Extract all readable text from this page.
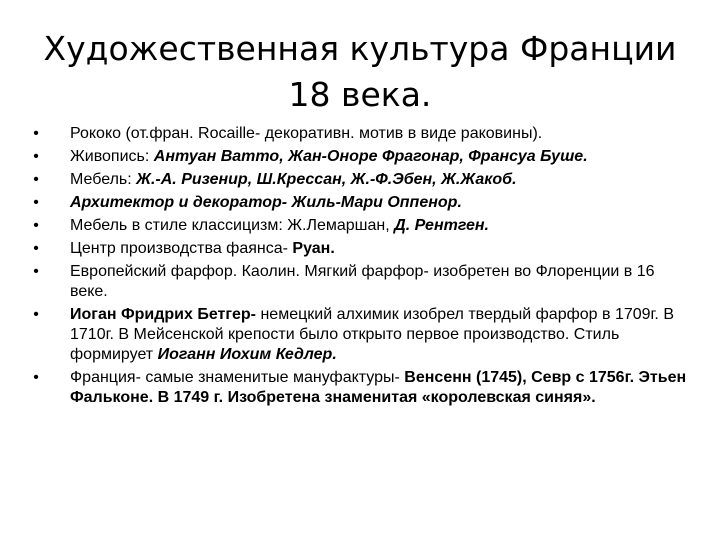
Художественная культура Франции
18 века.
• Рококо (от.фран. Rocaille- декоративн. мотив в виде раковины).
• Живопись: Антуан Ватто, Жан-Оноре Фрагонар, Франсуа Буше.
• Мебель: Ж.-А. Ризенир, Ш.Крессан, Ж.-Ф.Эбен, Ж.Жакоб.
• Архитектор и декоратор- Жиль-Мари Оппенор.
• Мебель в стиле классицизм: Ж.Лемаршан, Д. Рентген.
• Центр производства фаянса- Руан.
• Европейский фарфор. Каолин. Мягкий фарфор- изобретен во Флоренции в 16 веке.
• Иоган Фридрих Бетгер- немецкий алхимик изобрел твердый фарфор в 1709г. В 1710г. В Мейсенской крепости было открыто первое производство. Стиль формирует Иоганн Иохим Кедлер.
• Франция- самые знаменитые мануфактуры- Венсенн (1745), Севр с 1756г. Этьен Фальконе. В 1749 г. Изобретена знаменитая «королевская синяя».
